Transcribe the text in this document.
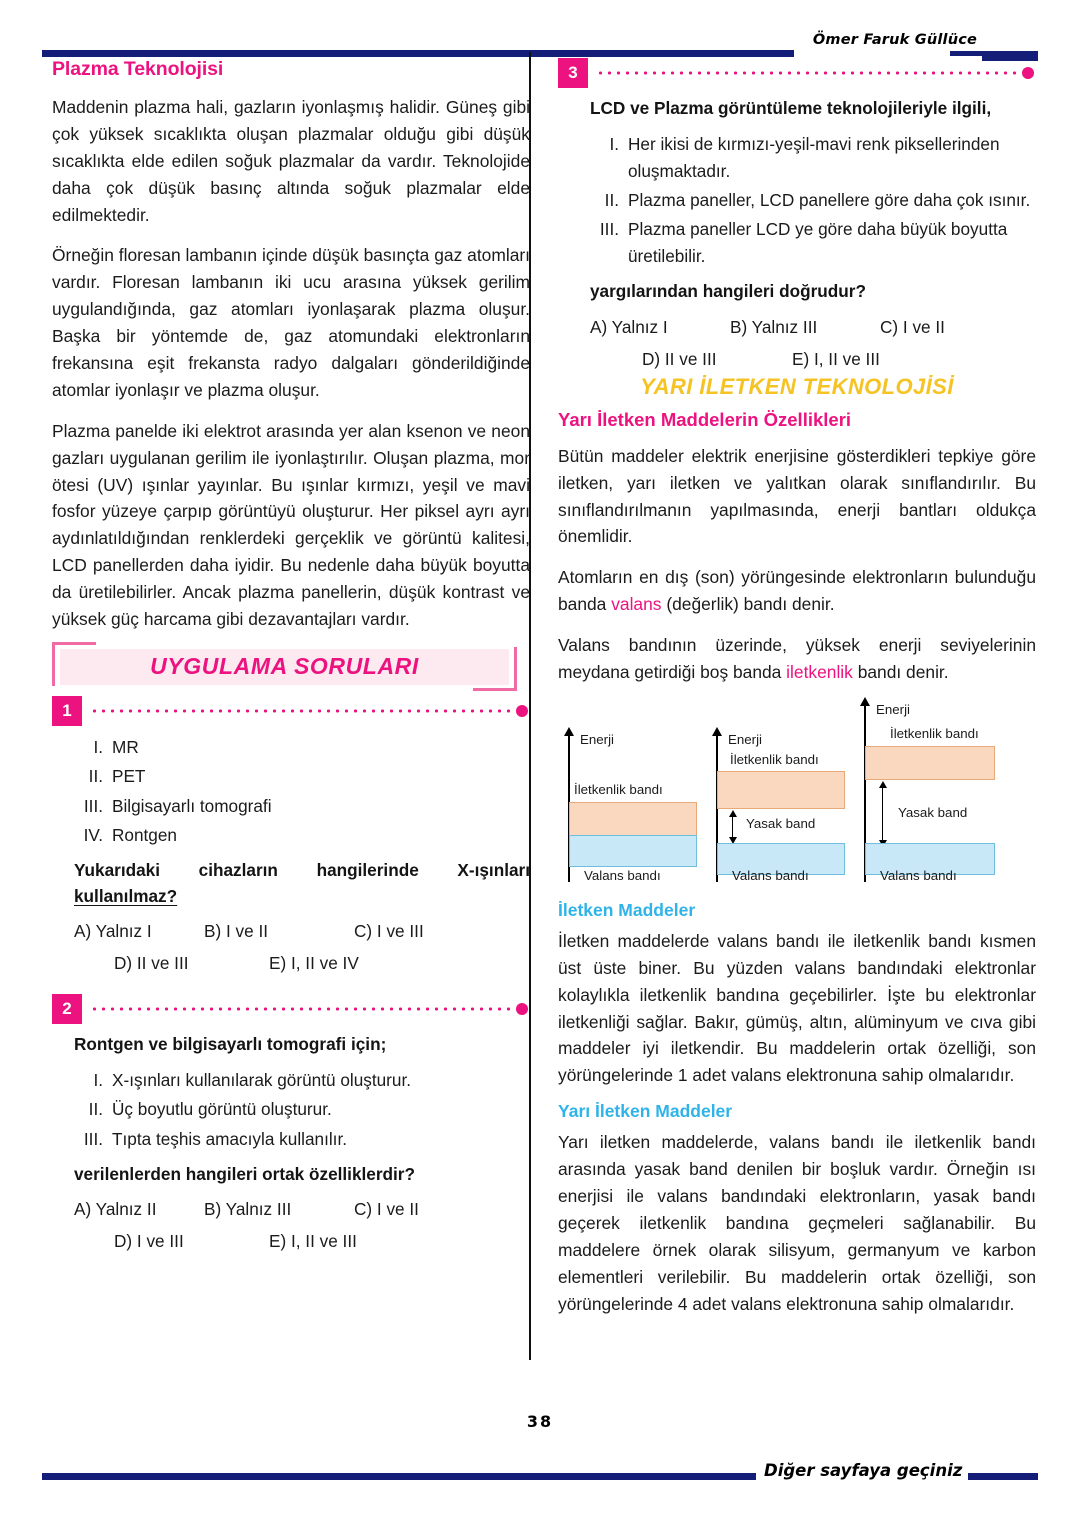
Ömer Faruk Güllüce
Plazma Teknolojisi

Maddenin plazma hali, gazların iyonlaşmış halidir. Güneş gibi çok yüksek sıcaklıkta oluşan plazmalar olduğu gibi düşük sıcaklıkta elde edilen soğuk plazmalar da vardır. Teknolojide daha çok düşük basınç altında soğuk plazmalar elde edilmektedir.

Örneğin floresan lambanın içinde düşük basınçta gaz atomları vardır. Floresan lambanın iki ucu arasına yüksek gerilim uygulandığında, gaz atomları iyonlaşarak plazma oluşur. Başka bir yöntemde de, gaz atomundaki elektronların frekansına eşit frekansta radyo dalgaları gönderildiğinde atomlar iyonlaşır ve plazma oluşur.

Plazma panelde iki elektrot arasında yer alan ksenon ve neon gazları uygulanan gerilim ile iyonlaştırılır. Oluşan plazma, mor ötesi (UV) ışınlar yayınlar. Bu ışınlar kırmızı, yeşil ve mavi fosfor yüzeye çarpıp görüntüyü oluşturur. Her piksel ayrı ayrı aydınlatıldığından renklerdeki gerçeklik ve görüntü kalitesi, LCD panellerden daha iyidir. Bu nedenle daha büyük boyutta da üretilebilirler. Ancak plazma panellerin, düşük kontrast ve yüksek güç harcama gibi dezavantajları vardır.

UYGULAMA SORULARI
1
I. MR
II. PET
III. Bilgisayarlı tomografi
IV. Rontgen
Yukarıdaki cihazların hangilerinde X-ışınları kullanılmaz?
A) Yalnız I	B) I ve II	C) I ve III
D) II ve III	E) I, II ve IV
2
Rontgen ve bilgisayarlı tomografi için;
I. X-ışınları kullanılarak görüntü oluşturur.
II. Üç boyutlu görüntü oluşturur.
III. Tıpta teşhis amacıyla kullanılır.
verilenlerden hangileri ortak özelliklerdir?
A) Yalnız II	B) Yalnız III	C) I ve II
D) I ve III	E) I, II ve III
3
LCD ve Plazma görüntüleme teknolojileriyle ilgili,
I. Her ikisi de kırmızı-yeşil-mavi renk piksellerinden oluşmaktadır.
II. Plazma paneller, LCD panellere göre daha çok ısınır.
III. Plazma paneller LCD ye göre daha büyük boyutta üretilebilir.
yargılarından hangileri doğrudur?
A) Yalnız I	B) Yalnız III	C) I ve II
D) II ve III	E) I, II ve III
YARI İLETKEN TEKNOLOJİSİ
Yarı İletken Maddelerin Özellikleri

Bütün maddeler elektrik enerjisine gösterdikleri tepkiye göre iletken, yarı iletken ve yalıtkan olarak sınıflandırılır. Bu sınıflandırılmanın yapılmasında, enerji bantları oldukça önemlidir.

Atomların en dış (son) yörüngesinde elektronların bulunduğu banda valans (değerlik) bandı denir.

Valans bandının üzerinde, yüksek enerji seviyelerinin meydana getirdiği boş banda iletkenlik bandı denir.

Enerji
İletkenlik bandı
Valans bandı
Enerji
İletkenlik bandı
Yasak band
Valans bandı
Enerji
İletkenlik bandı
Yasak band
Valans bandı
İletken Maddeler

İletken maddelerde valans bandı ile iletkenlik bandı kısmen üst üste biner. Bu yüzden valans bandındaki elektronlar kolaylıkla iletkenlik bandına geçebilirler. İşte bu elektronlar iletkenliği sağlar. Bakır, gümüş, altın, alüminyum ve cıva gibi maddeler iyi iletkendir. Bu maddelerin ortak özelliği, son yörüngelerinde 1 adet valans elektronuna sahip olmalarıdır.

Yarı İletken Maddeler

Yarı iletken maddelerde, valans bandı ile iletkenlik bandı arasında yasak band denilen bir boşluk vardır. Örneğin ısı enerjisi ile valans bandındaki elektronların, yasak bandı geçerek iletkenlik bandına geçmeleri sağlanabilir. Bu maddelere örnek olarak silisyum, germanyum ve karbon elementleri verilebilir. Bu maddelerin ortak özelliği, son yörüngelerinde 4 adet valans elektronuna sahip olmalarıdır.

38
Diğer sayfaya geçiniz
